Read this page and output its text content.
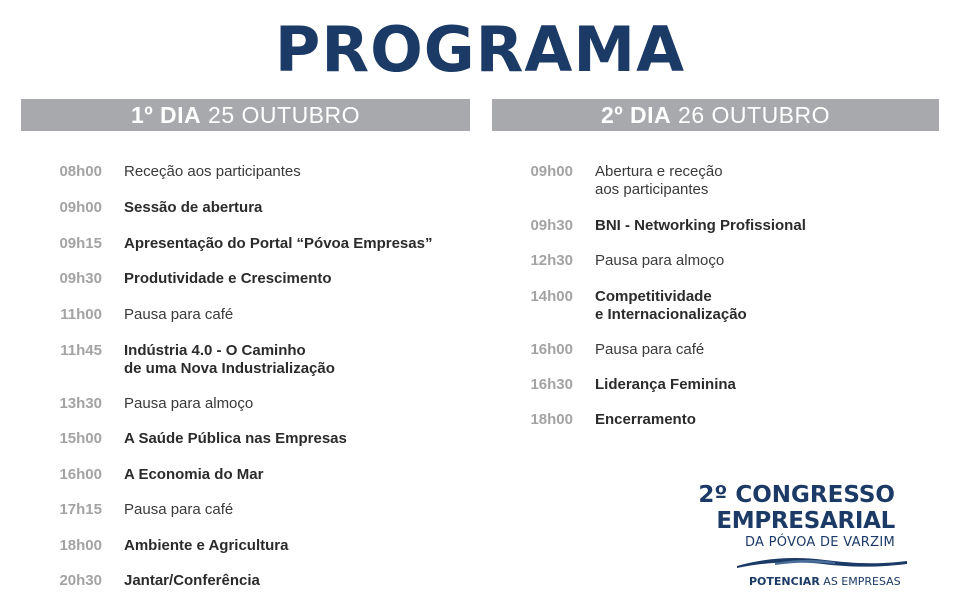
PROGRAMA
1º DIA 25 OUTUBRO	2º DIA 26 OUTUBRO
08h00 Receção aos participantes
09h00 Sessão de abertura
09h15 Apresentação do Portal “Póvoa Empresas”
09h30 Produtividade e Crescimento
11h00 Pausa para café
11h45 Indústria 4.0 - O Caminho
de uma Nova Industrialização
13h30 Pausa para almoço
15h00 A Saúde Pública nas Empresas
16h00 A Economia do Mar
17h15 Pausa para café
18h00 Ambiente e Agricultura
20h30 Jantar/Conferência
09h00 Abertura e receção
aos participantes
09h30 BNI - Networking Profissional
12h30 Pausa para almoço
14h00 Competitividade
e Internacionalização
16h00 Pausa para café
16h30 Liderança Feminina
18h00 Encerramento
2º CONGRESSO
EMPRESARIAL
DA PÓVOA DE VARZIM
POTENCIAR AS EMPRESAS
